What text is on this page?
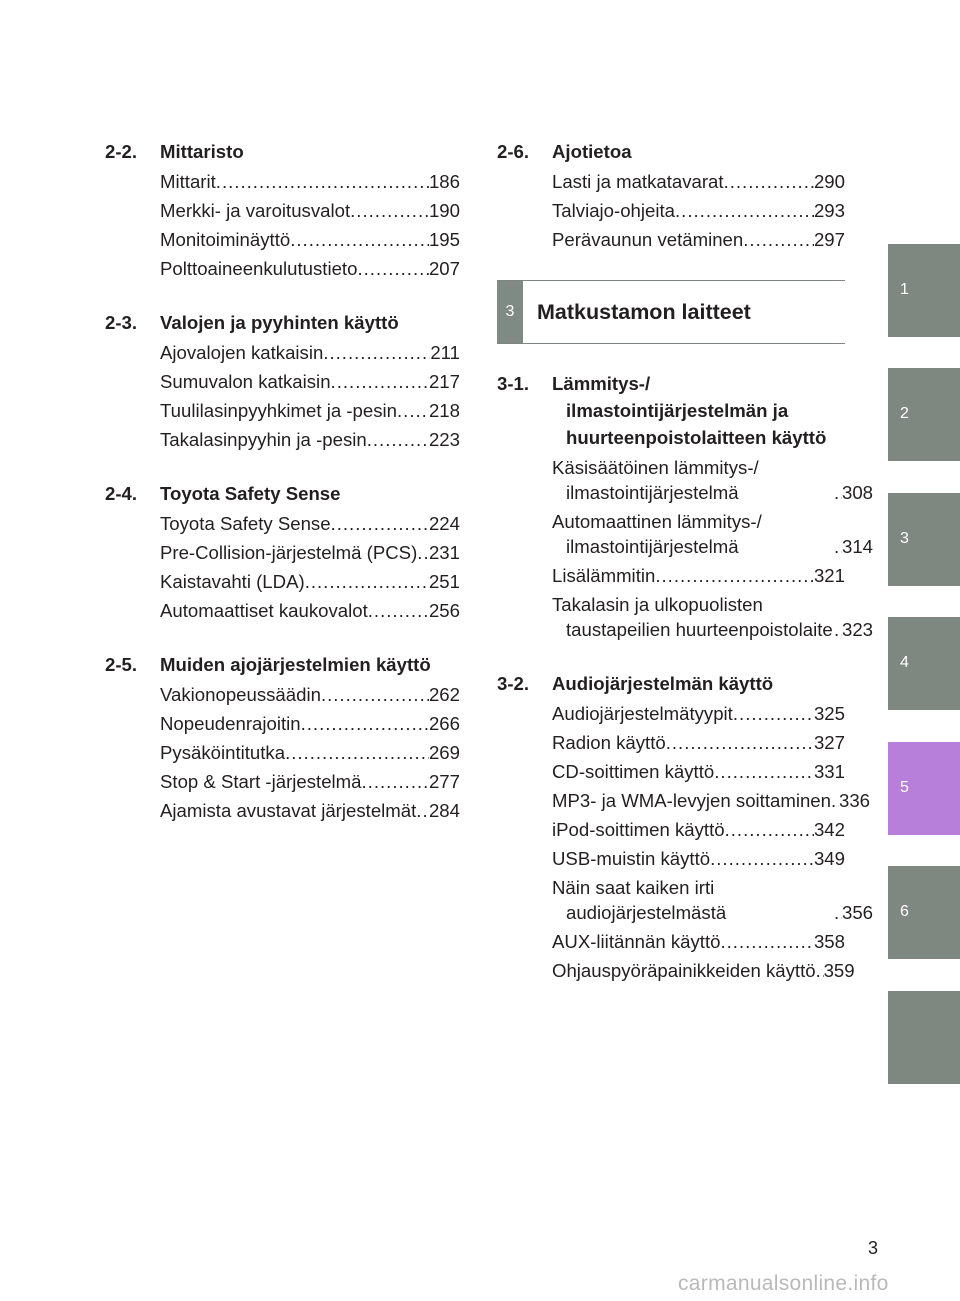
2-2.	Mittaristo
Mittarit .....	186
Merkki- ja varoitusvalot .....	190
Monitoiminäyttö .....	195
Polttoaineenkulutustieto .....	207
2-3.	Valojen ja pyyhinten käyttö
Ajovalojen katkaisin .....	211
Sumuvalon katkaisin .....	217
Tuulilasinpyyhkimet ja -pesin ..... 218
Takalasinpyyhin ja -pesin .....	223
2-4.	Toyota Safety Sense
Toyota Safety Sense .....	224
Pre-Collision-järjestelmä (PCS) ..... 231
Kaistavahti (LDA) .....	251
Automaattiset kaukovalot .....	256
2-5.	Muiden ajojärjestelmien käyttö
Vakionopeussäädin .....	262
Nopeudenrajoitin .....	266
Pysäköintitutka .....	269
Stop & Start -järjestelmä .....	277
Ajamista avustavat järjestelmät ..... 284
2-6.	Ajotietoa
Lasti ja matkatavarat .....	290
Talviajo-ohjeita .....	293
Perävaunun vetäminen .....	297
3	Matkustamon laitteet
3-1.	Lämmitys-/ ilmastointijärjestelmän ja huurteenpoistolaitteen käyttö
Käsisäätöinen lämmitys-/ ilmastointijärjestelmä .....	308
Automaattinen lämmitys-/ ilmastointijärjestelmä .....	314
Lisälämmitin .....	321
Takalasin ja ulkopuolisten taustapeilien huurteenpoistolaite ..... 323
3-2.	Audiojärjestelmän käyttö
Audiojärjestelmätyypit .....	325
Radion käyttö .....	327
CD-soittimen käyttö .....	331
MP3- ja WMA-levyjen soittaminen ..... 336
iPod-soittimen käyttö .....	342
USB-muistin käyttö .....	349
Näin saat kaiken irti audiojärjestelmästä .....	356
AUX-liitännän käyttö .....	358
Ohjauspyöräpainikkeiden käyttö ..... 359
1
2
3
4
5
6
3
carmanualsonline.info
